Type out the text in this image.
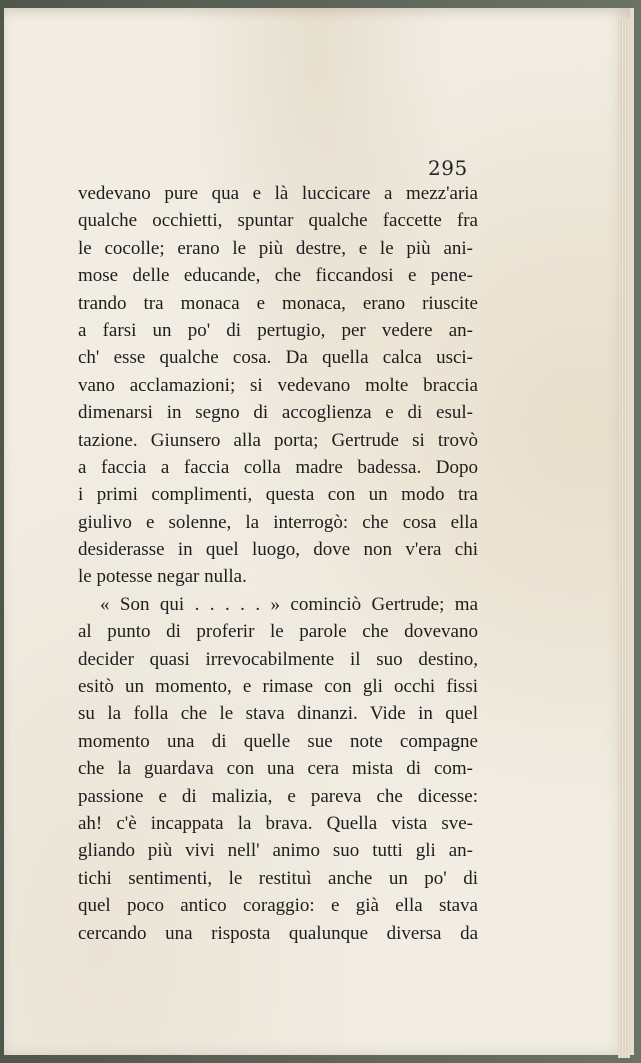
295
vedevano pure qua e là luccicare a mezz'aria
qualche occhietti, spuntar qualche faccette fra
le cocolle; erano le più destre, e le più ani-
mose delle educande, che ficcandosi e pene-
trando tra monaca e monaca, erano riuscite
a farsi un po' di pertugio, per vedere an-
ch' esse qualche cosa. Da quella calca usci-
vano acclamazioni; si vedevano molte braccia
dimenarsi in segno di accoglienza e di esul-
tazione. Giunsero alla porta; Gertrude si trovò
a faccia a faccia colla madre badessa. Dopo
i primi complimenti, questa con un modo tra
giulivo e solenne, la interrogò: che cosa ella
desiderasse in quel luogo, dove non v'era chi
le potesse negar nulla.
« Son qui . . . . . » cominciò Gertrude; ma
al punto di proferir le parole che dovevano
decider quasi irrevocabilmente il suo destino,
esitò un momento, e rimase con gli occhi fissi
su la folla che le stava dinanzi. Vide in quel
momento una di quelle sue note compagne
che la guardava con una cera mista di com-
passione e di malizia, e pareva che dicesse:
ah! c'è incappata la brava. Quella vista sve-
gliando più vivi nell' animo suo tutti gli an-
tichi sentimenti, le restituì anche un po' di
quel poco antico coraggio: e già ella stava
cercando una risposta qualunque diversa da
